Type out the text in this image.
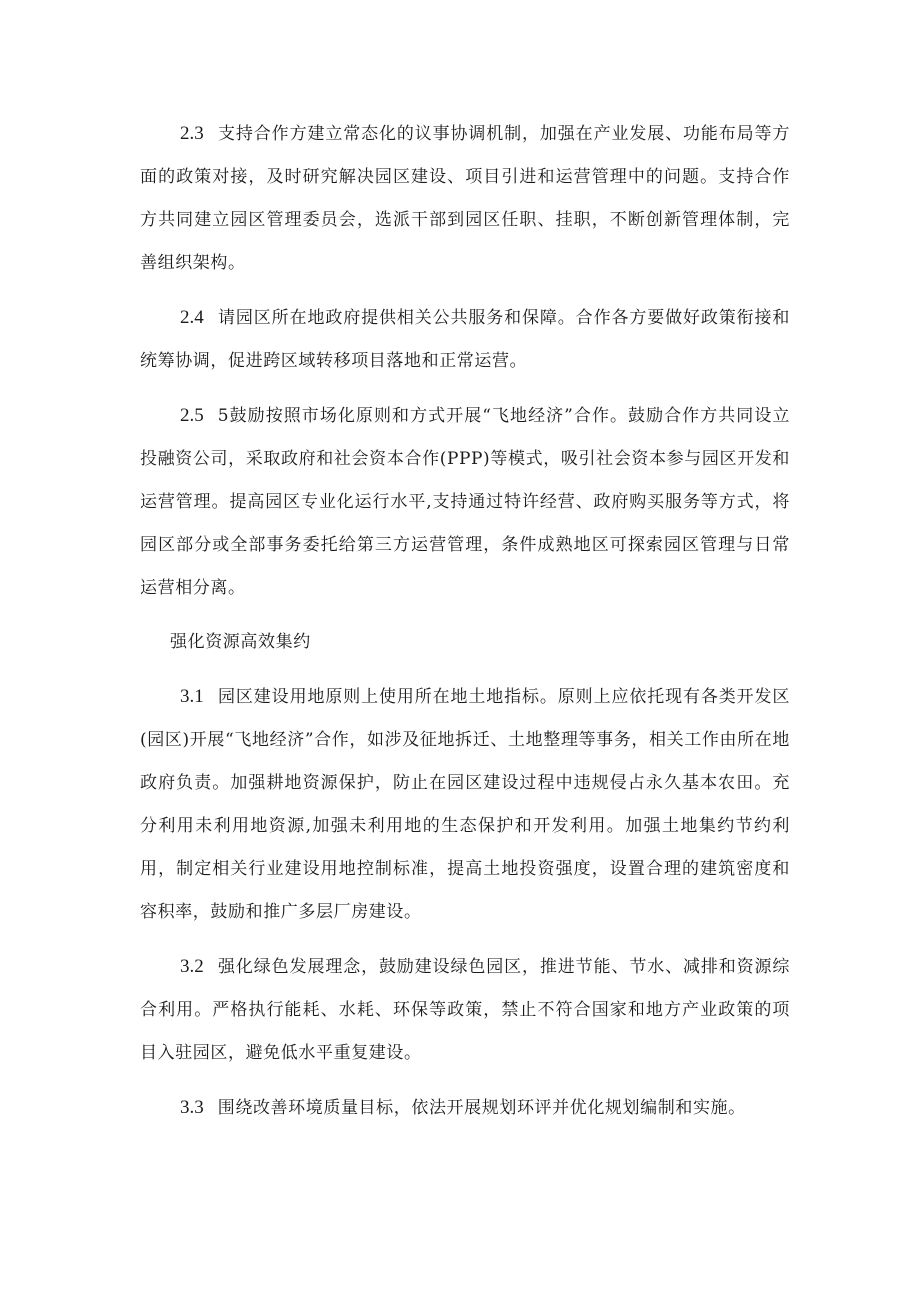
2.3 支持合作方建立常态化的议事协调机制，加强在产业发展、功能布局等方面的政策对接，及时研究解决园区建设、项目引进和运营管理中的问题。支持合作方共同建立园区管理委员会，选派干部到园区任职、挂职，不断创新管理体制，完善组织架构。

2.4 请园区所在地政府提供相关公共服务和保障。合作各方要做好政策衔接和统筹协调，促进跨区域转移项目落地和正常运营。

2.5 5鼓励按照市场化原则和方式开展“飞地经济”合作。鼓励合作方共同设立投融资公司，采取政府和社会资本合作(PPP)等模式，吸引社会资本参与园区开发和运营管理。提高园区专业化运行水平,支持通过特许经营、政府购买服务等方式，将园区部分或全部事务委托给第三方运营管理，条件成熟地区可探索园区管理与日常运营相分离。

强化资源高效集约

3.1 园区建设用地原则上使用所在地土地指标。原则上应依托现有各类开发区(园区)开展“飞地经济”合作，如涉及征地拆迁、土地整理等事务，相关工作由所在地政府负责。加强耕地资源保护，防止在园区建设过程中违规侵占永久基本农田。充分利用未利用地资源,加强未利用地的生态保护和开发利用。加强土地集约节约利用，制定相关行业建设用地控制标准，提高土地投资强度，设置合理的建筑密度和容积率，鼓励和推广多层厂房建设。

3.2 强化绿色发展理念，鼓励建设绿色园区，推进节能、节水、减排和资源综合利用。严格执行能耗、水耗、环保等政策，禁止不符合国家和地方产业政策的项目入驻园区，避免低水平重复建设。

3.3 围绕改善环境质量目标，依法开展规划环评并优化规划编制和实施。
